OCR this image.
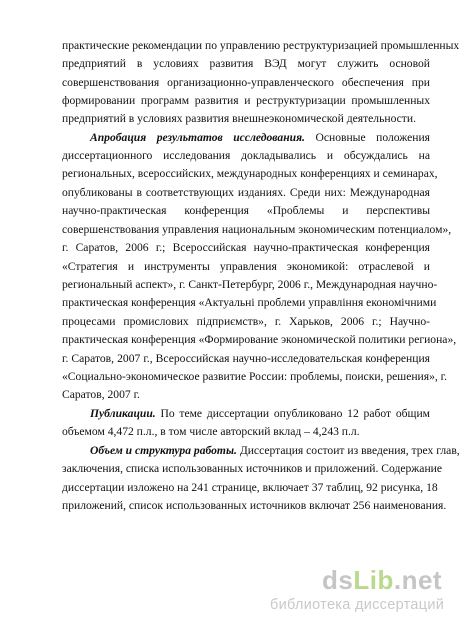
практические рекомендации по управлению реструктуризацией промышленных
предприятий в условиях развития ВЭД могут служить основой
совершенствования организационно-управленческого обеспечения при
формировании программ развития и реструктуризации промышленных
предприятий в условиях развития внешнеэкономической деятельности.
Апробация результатов исследования. Основные положения
диссертационного исследования докладывались и обсуждались на
региональных, всероссийских, международных конференциях и семинарах,
опубликованы в соответствующих изданиях. Среди них: Международная
научно-практическая конференция «Проблемы и перспективы
совершенствования управления национальным экономическим потенциалом»,
г. Саратов, 2006 г.; Всероссийская научно-практическая конференция
«Стратегия и инструменты управления экономикой: отраслевой и
региональный аспект», г. Санкт-Петербург, 2006 г., Международная научно-
практическая конференция «Актуальні проблеми управління економічними
процесами промислових підприємств», г. Харьков, 2006 г.; Научно-
практическая конференция «Формирование экономической политики региона»,
г. Саратов, 2007 г., Всероссийская научно-исследовательская конференция
«Социально-экономическое развитие России: проблемы, поиски, решения», г.
Саратов, 2007 г.
Публикации. По теме диссертации опубликовано 12 работ общим
объемом 4,472 п.л., в том числе авторский вклад – 4,243 п.л.
Объем и структура работы. Диссертация состоит из введения, трех глав,
заключения, списка использованных источников и приложений. Содержание
диссертации изложено на 241 странице, включает 37 таблиц, 92 рисунка, 18
приложений, список использованных источников включат 256 наименования.
dsLib.net
библиотека диссертаций
